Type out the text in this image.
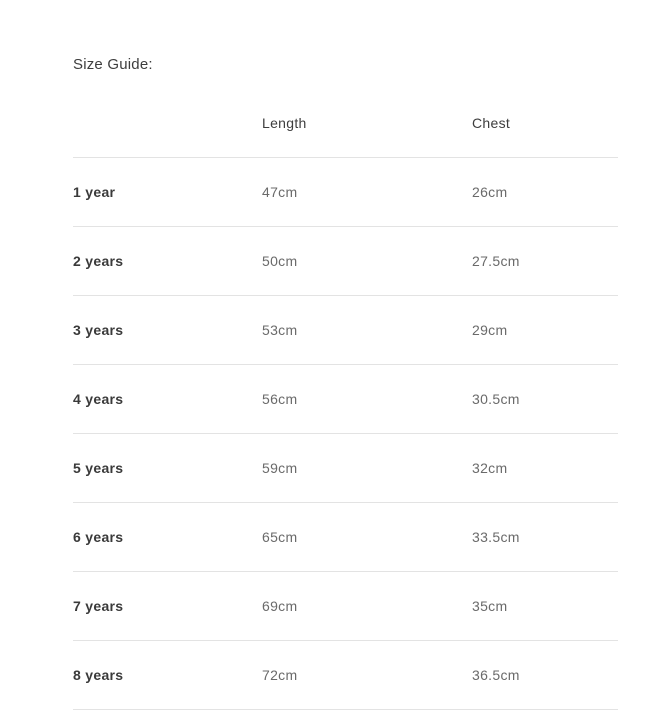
Size Guide:
	Length	Chest
1 year	47cm	26cm
2 years	50cm	27.5cm
3 years	53cm	29cm
4 years	56cm	30.5cm
5 years	59cm	32cm
6 years	65cm	33.5cm
7 years	69cm	35cm
8 years	72cm	36.5cm
